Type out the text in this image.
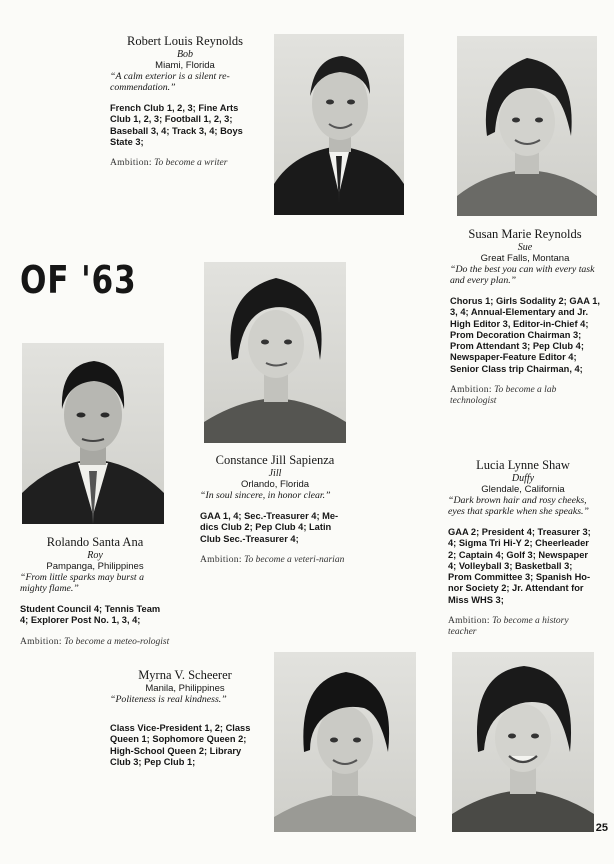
OF '63
Robert Louis Reynolds
Bob
Miami, Florida
“A calm exterior is a silent re-commendation.”
French Club 1, 2, 3; Fine Arts Club 1, 2, 3; Football 1, 2, 3; Baseball 3, 4; Track 3, 4; Boys State 3;
Ambition: To become a writer
Susan Marie Reynolds
Sue
Great Falls, Montana
“Do the best you can with every task and every plan.”
Chorus 1; Girls Sodality 2; GAA 1, 3, 4; Annual-Elementary and Jr. High Editor 3, Editor-in-Chief 4; Prom Decoration Chairman 3; Prom Attendant 3; Pep Club 4; Newspaper-Feature Editor 4; Senior Class trip Chairman, 4;
Ambition: To become a lab technologist
Constance Jill Sapienza
Jill
Orlando, Florida
“In soul sincere, in honor clear.”
GAA 1, 4; Sec.-Treasurer 4; Me-dics Club 2; Pep Club 4; Latin Club Sec.-Treasurer 4;
Ambition: To become a veteri-narian
Rolando Santa Ana
Roy
Pampanga, Philippines
“From little sparks may burst a mighty flame.”
Student Council 4; Tennis Team 4; Explorer Post No. 1, 3, 4;
Ambition: To become a meteo-rologist
Lucia Lynne Shaw
Duffy
Glendale, California
“Dark brown hair and rosy cheeks, eyes that sparkle when she speaks.”
GAA 2; President 4; Treasurer 3; 4; Sigma Tri Hi-Y 2; Cheerleader 2; Captain 4; Golf 3; Newspaper 4; Volleyball 3; Basketball 3; Prom Committee 3; Spanish Ho-nor Society 2; Jr. Attendant for Miss WHS 3;
Ambition: To become a history teacher
Myrna V. Scheerer
Manila, Philippines
“Politeness is real kindness.”
Class Vice-President 1, 2; Class Queen 1; Sophomore Queen 2; High-School Queen 2; Library Club 3; Pep Club 1;
25
